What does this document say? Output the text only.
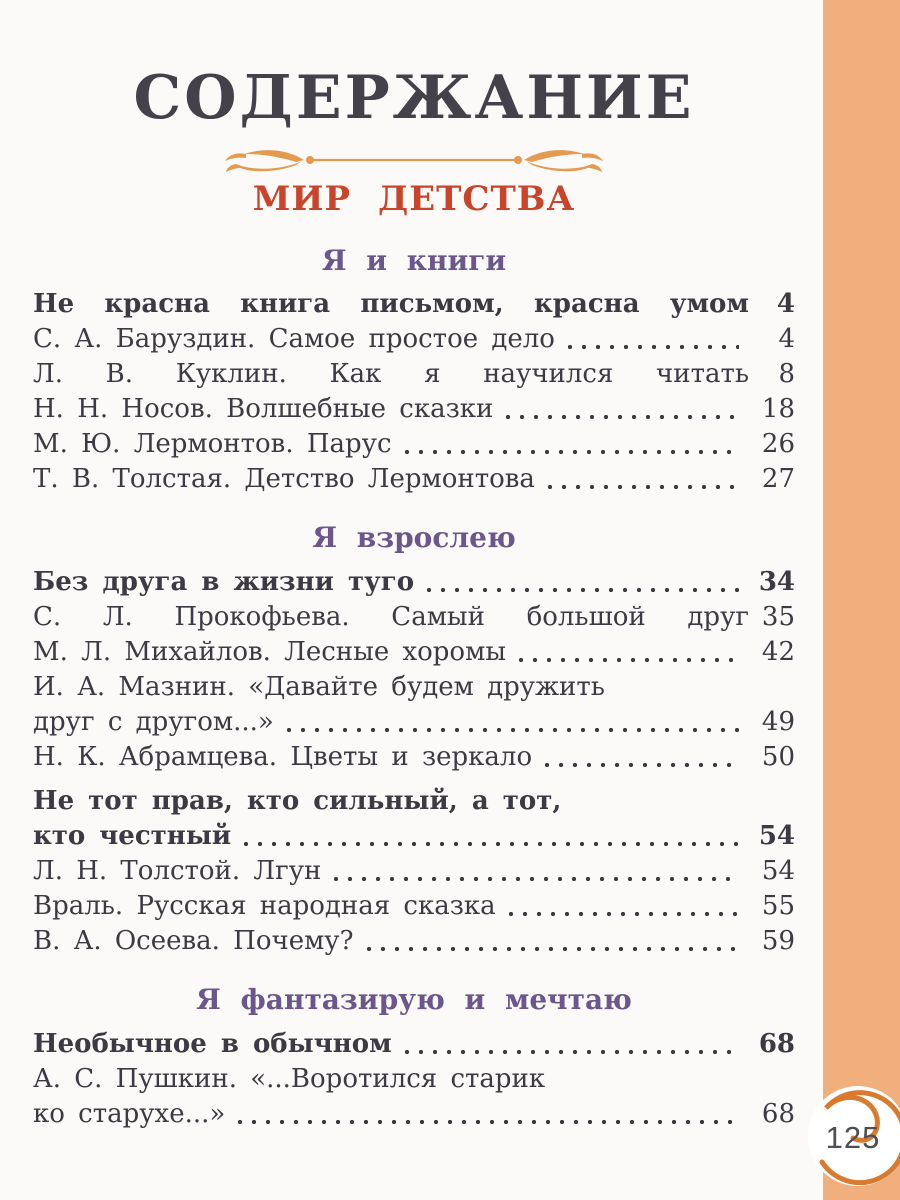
СОДЕРЖАНИЕ
МИР ДЕТСТВА
Я и книги
Не красна книга письмом, красна умом	4
С. А. Баруздин. Самое простое дело	4
Л. В. Куклин. Как я научился читать	8
Н. Н. Носов. Волшебные сказки	18
М. Ю. Лермонтов. Парус	26
Т. В. Толстая. Детство Лермонтова	27
Я взрослею
Без друга в жизни туго	34
С. Л. Прокофьева. Самый большой друг 35
М. Л. Михайлов. Лесные хоромы	42
И. А. Мазнин. «Давайте будем дружить
друг с другом...»	49
Н. К. Абрамцева. Цветы и зеркало	50
Не тот прав, кто сильный, а тот,
кто честный	54
Л. Н. Толстой. Лгун	54
Враль. Русская народная сказка	55
В. А. Осеева. Почему?	59
Я фантазирую и мечтаю
Необычное в обычном	68
А. С. Пушкин. «...Воротился старик
ко старухе...»	68
125
